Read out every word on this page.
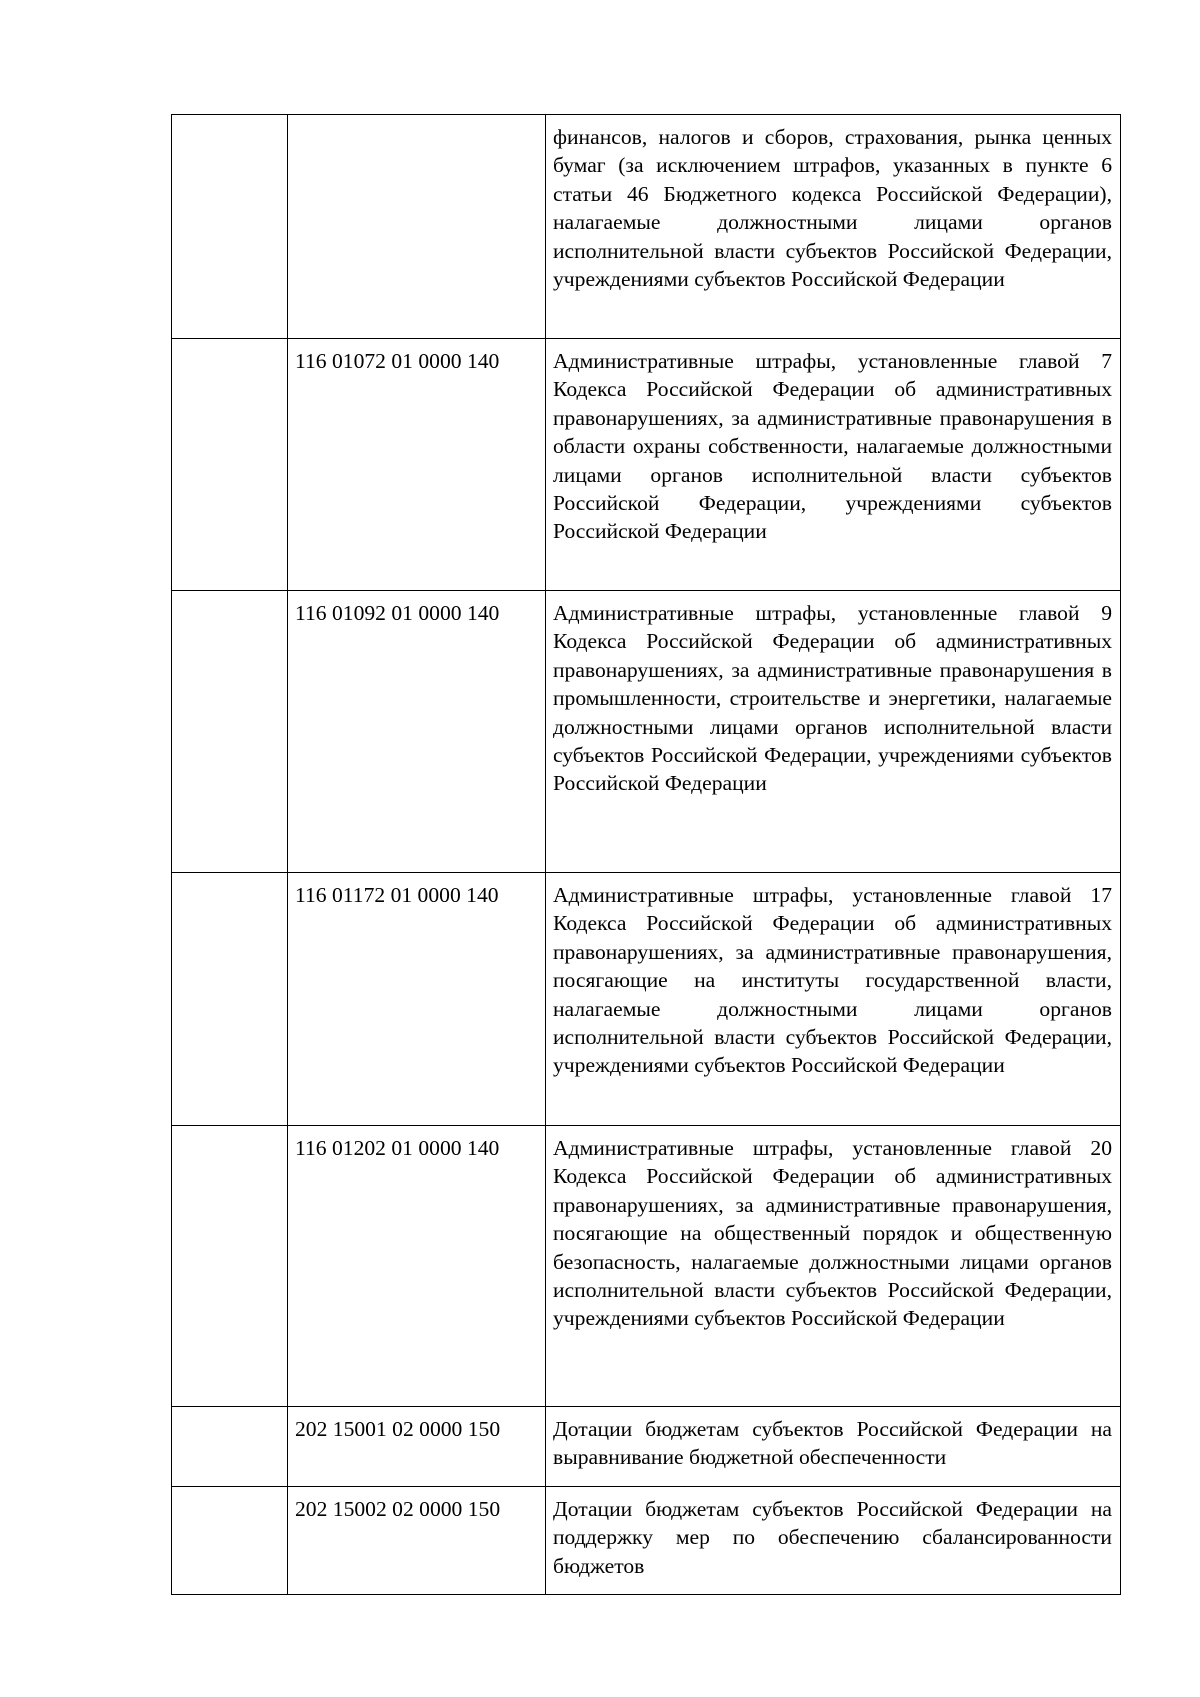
		финансов, налогов и сборов, страхования, рынка ценных бумаг (за исключением штрафов, указанных в пункте 6 статьи 46 Бюджетного кодекса Российской Федерации), налагаемые должностными лицами органов исполнительной власти субъектов Российской Федерации, учреждениями субъектов Российской Федерации
	116 01072 01 0000 140	Административные штрафы, установленные главой 7 Кодекса Российской Федерации об административных правонарушениях, за административные правонарушения в области охраны собственности, налагаемые должностными лицами органов исполнительной власти субъектов Российской Федерации, учреждениями субъектов Российской Федерации
	116 01092 01 0000 140	Административные штрафы, установленные главой 9 Кодекса Российской Федерации об административных правонарушениях, за административные правонарушения в промышленности, строительстве и энергетики, налагаемые должностными лицами органов исполнительной власти субъектов Российской Федерации, учреждениями субъектов Российской Федерации
	116 01172 01 0000 140	Административные штрафы, установленные главой 17 Кодекса Российской Федерации об административных правонарушениях, за административные правонарушения, посягающие на институты государственной власти, налагаемые должностными лицами органов исполнительной власти субъектов Российской Федерации, учреждениями субъектов Российской Федерации
	116 01202 01 0000 140	Административные штрафы, установленные главой 20 Кодекса Российской Федерации об административных правонарушениях, за административные правонарушения, посягающие на общественный порядок и общественную безопасность, налагаемые должностными лицами органов исполнительной власти субъектов Российской Федерации, учреждениями субъектов Российской Федерации
	202 15001 02 0000 150	Дотации бюджетам субъектов Российской Федерации на выравнивание бюджетной обеспеченности
	202 15002 02 0000 150	Дотации бюджетам субъектов Российской Федерации на поддержку мер по обеспечению сбалансированности бюджетов
